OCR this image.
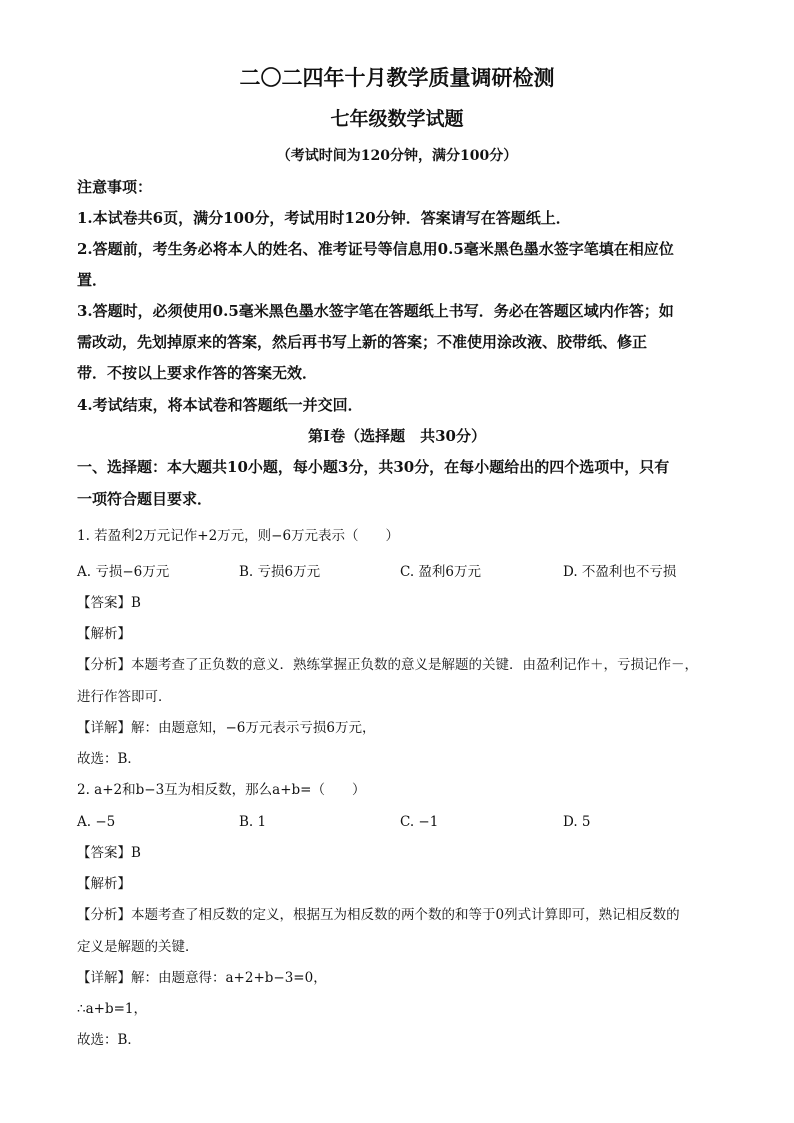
二〇二四年十月教学质量调研检测
七年级数学试题
（考试时间为120分钟，满分100分）
注意事项：
1.本试卷共6页，满分100分，考试用时120分钟．答案请写在答题纸上．
2.答题前，考生务必将本人的姓名、准考证号等信息用0.5毫米黑色墨水签字笔填在相应位
置．
3.答题时，必须使用0.5毫米黑色墨水签字笔在答题纸上书写．务必在答题区域内作答；如
需改动，先划掉原来的答案，然后再书写上新的答案；不准使用涂改液、胶带纸、修正
带．不按以上要求作答的答案无效．
4.考试结束，将本试卷和答题纸一并交回．
第Ⅰ卷（选择题　共30分）
一、选择题：本大题共10小题，每小题3分，共30分，在每小题给出的四个选项中，只有
一项符合题目要求．
1. 若盈利2万元记作+2万元，则−6万元表示（　　）
A. 亏损−6万元	B. 亏损6万元	C. 盈利6万元	D. 不盈利也不亏损
【答案】B
【解析】
【分析】本题考查了正负数的意义．熟练掌握正负数的意义是解题的关键．由盈利记作＋，亏损记作－，
进行作答即可．
【详解】解：由题意知，−6万元表示亏损6万元，
故选：B．
2. a+2和b−3互为相反数，那么a+b=（　　）
A. −5	B. 1	C. −1	D. 5
【答案】B
【解析】
【分析】本题考查了相反数的定义，根据互为相反数的两个数的和等于0列式计算即可，熟记相反数的
定义是解题的关键．
【详解】解：由题意得：a+2+b−3=0，
∴a+b=1，
故选：B．
